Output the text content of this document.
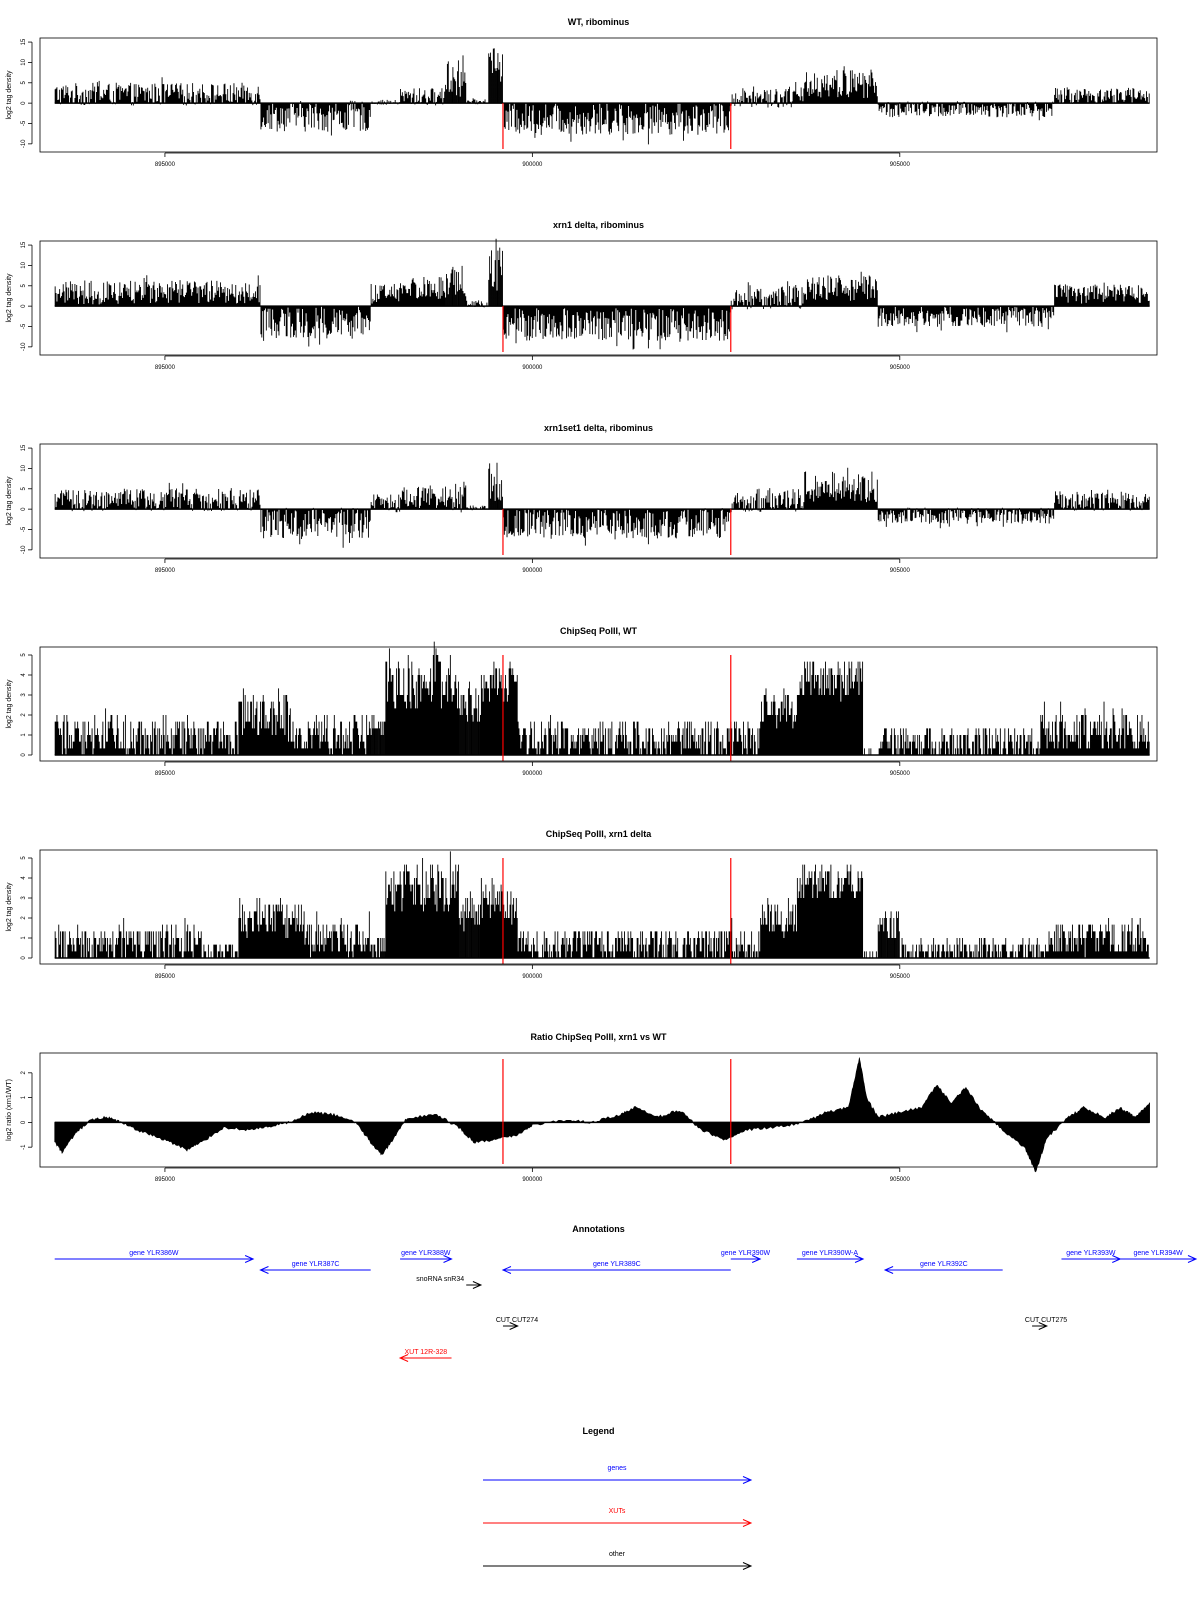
WT, ribominus
log2 tag density
-10
-5
0
5
10
15
895000	900000	905000
xrn1 delta, ribominus
log2 tag density
-10
-5
0
5
10
15
895000	900000	905000
xrn1set1 delta, ribominus
log2 tag density
-10
-5
0
5
10
15
895000	900000	905000
ChipSeq PolII, WT
log2 tag density
0
1
2
3
4
5
895000	900000	905000
ChipSeq PolII, xrn1 delta
log2 tag density
0
1
2
3
4
5
895000	900000	905000
Ratio ChipSeq PolII, xrn1 vs WT
log2 ratio (xrn1/WT)
-1
0
1
2
895000	900000	905000
Annotations
gene YLR386W
gene YLR387C
gene YLR388W
gene YLR389C
gene YLR390W	gene YLR390W-A
gene YLR392C
gene YLR393W	gene YLR394W
snoRNA snR34
CUT CUT274	CUT CUT275
XUT 12R-328
Legend
genes
XUTs
other
